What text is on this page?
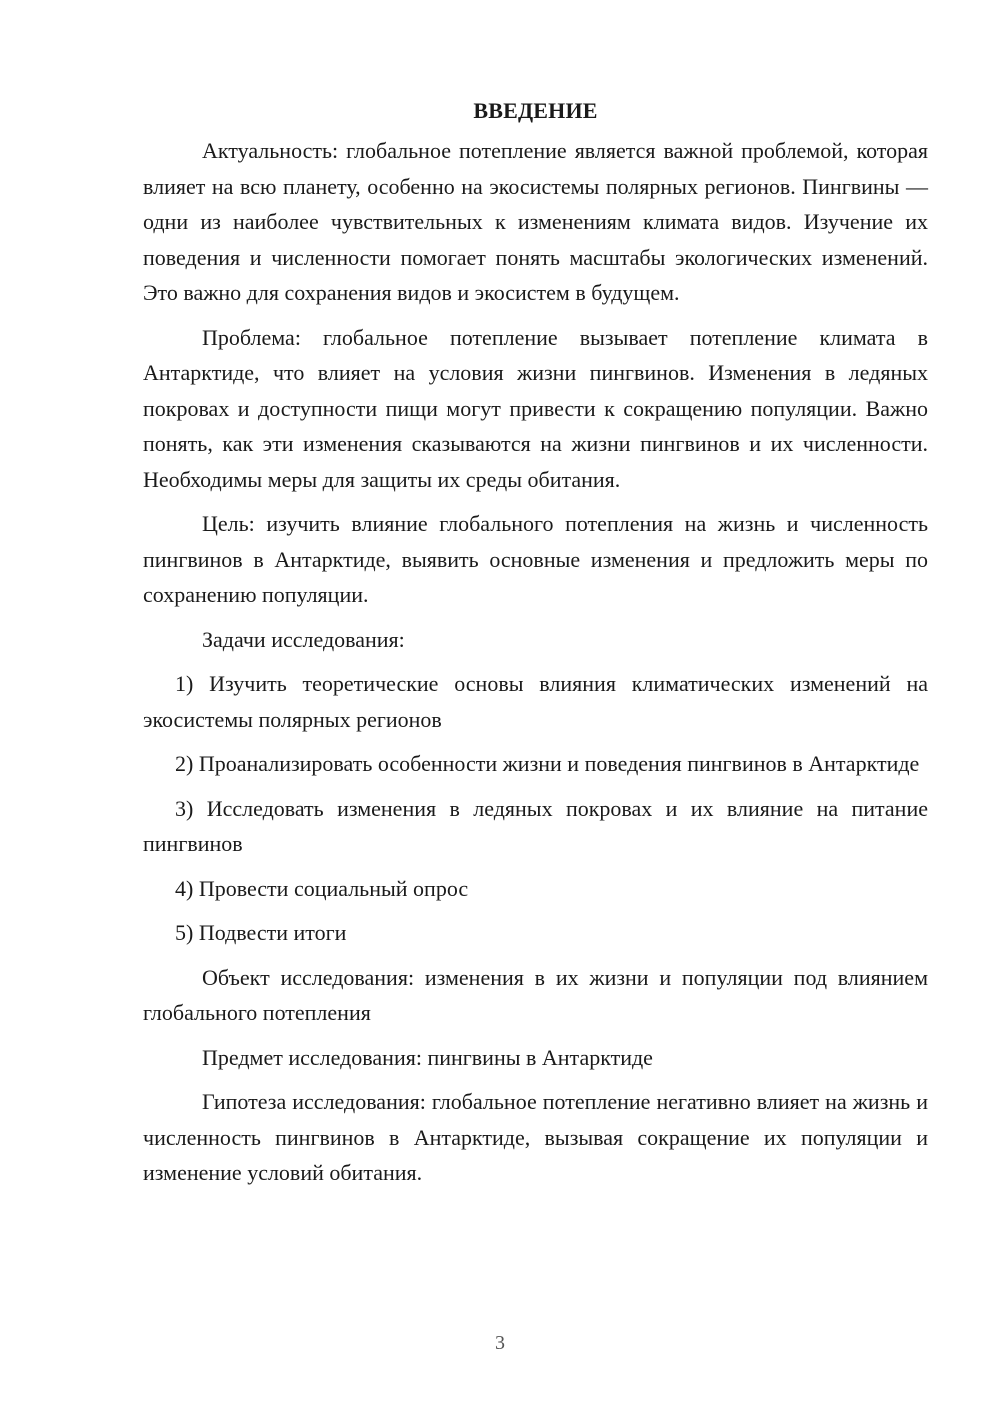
ВВЕДЕНИЕ

Актуальность: глобальное потепление является важной проблемой, которая влияет на всю планету, особенно на экосистемы полярных регионов. Пингвины — одни из наиболее чувствительных к изменениям климата видов. Изучение их поведения и численности помогает понять масштабы экологических изменений. Это важно для сохранения видов и экосистем в будущем.

Проблема: глобальное потепление вызывает потепление климата в Антарктиде, что влияет на условия жизни пингвинов. Изменения в ледяных покровах и доступности пищи могут привести к сокращению популяции. Важно понять, как эти изменения сказываются на жизни пингвинов и их численности. Необходимы меры для защиты их среды обитания.

Цель: изучить влияние глобального потепления на жизнь и численность пингвинов в Антарктиде, выявить основные изменения и предложить меры по сохранению популяции.

Задачи исследования:

1) Изучить теоретические основы влияния климатических изменений на экосистемы полярных регионов

2) Проанализировать особенности жизни и поведения пингвинов в Антарктиде

3) Исследовать изменения в ледяных покровах и их влияние на питание пингвинов

4) Провести социальный опрос

5) Подвести итоги

Объект исследования: изменения в их жизни и популяции под влиянием глобального потепления

Предмет исследования: пингвины в Антарктиде

Гипотеза исследования: глобальное потепление негативно влияет на жизнь и численность пингвинов в Антарктиде, вызывая сокращение их популяции и изменение условий обитания.

3
